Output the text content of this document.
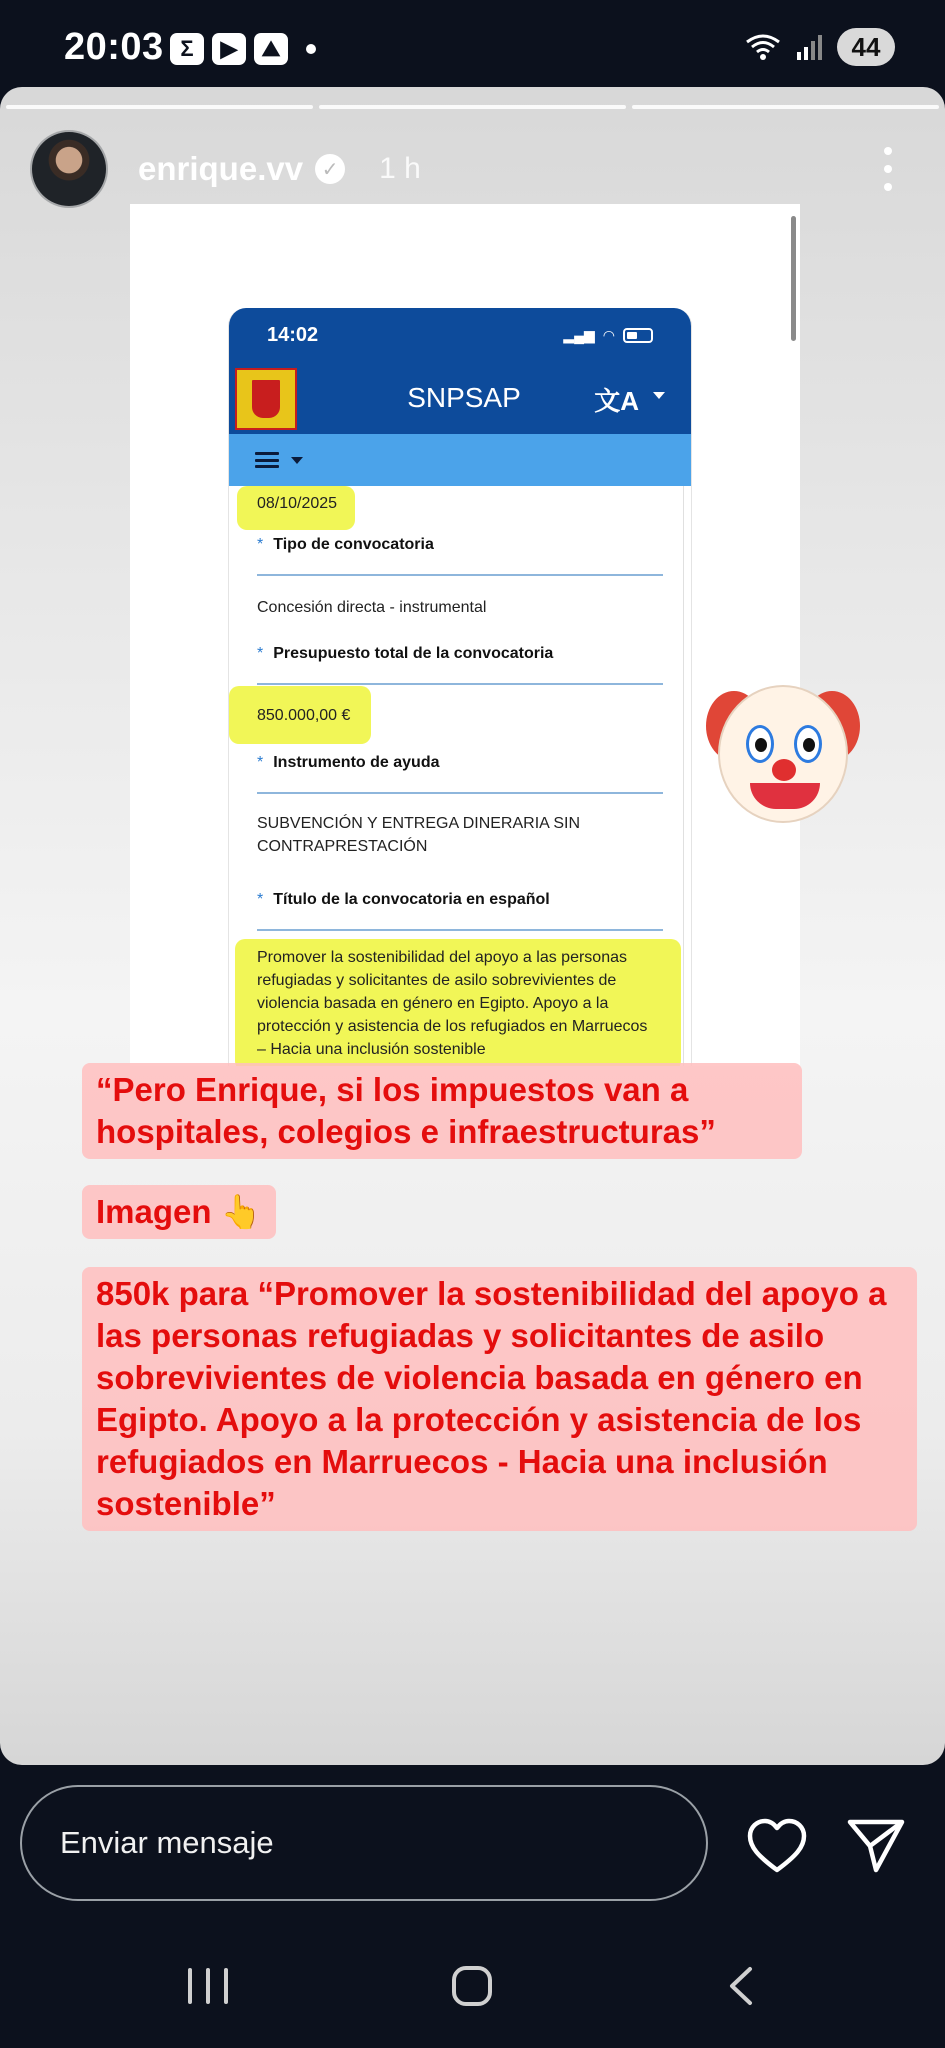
20:03 Σ	▶	⛰	44
enrique.vv ✓ 1 h
14:02	▂▄▆ ◠
SNPSAP	文A
08/10/2025
* Tipo de convocatoria
Concesión directa - instrumental
* Presupuesto total de la convocatoria
850.000,00 €
* Instrumento de ayuda
SUBVENCIÓN Y ENTREGA DINERARIA SIN CONTRAPRESTACIÓN
* Título de la convocatoria en español
Promover la sostenibilidad del apoyo a las personas refugiadas y solicitantes de asilo sobrevivientes de violencia basada en género en Egipto. Apoyo a la protección y asistencia de los refugiados en Marruecos – Hacia una inclusión sostenible
“Pero Enrique, si los impuestos van a hospitales, colegios e infraestructuras”
Imagen 👆
850k para “Promover la sostenibilidad del apoyo a las personas refugiadas y solicitantes de asilo sobrevivientes de violencia basada en género en Egipto. Apoyo a la protección y asistencia de los refugiados en Marruecos - Hacia una inclusión sostenible”
Enviar mensaje
